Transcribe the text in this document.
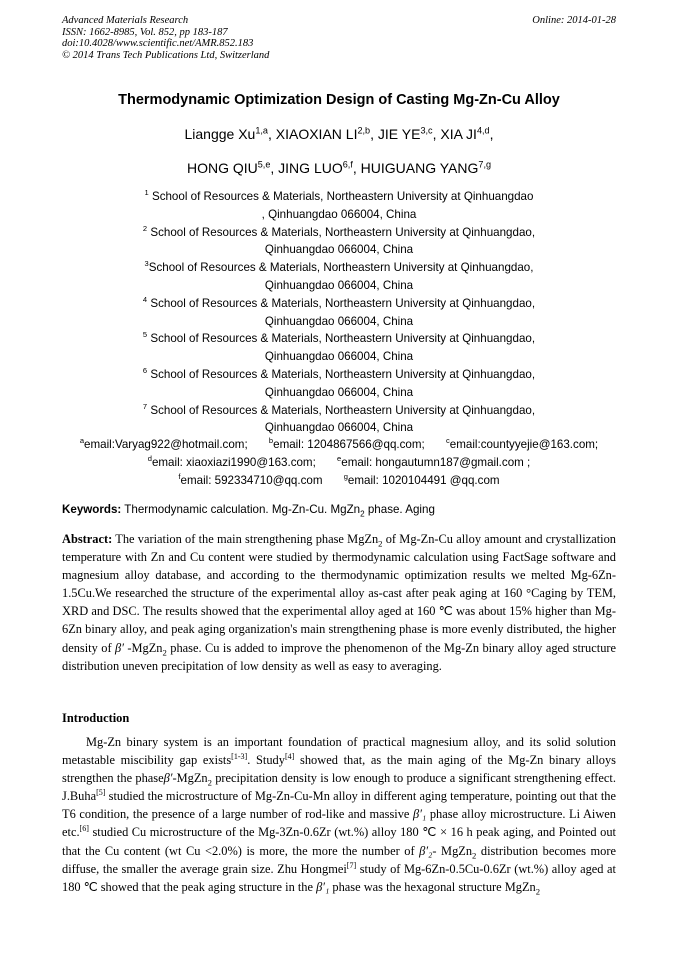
Advanced Materials Research
ISSN: 1662-8985, Vol. 852, pp 183-187
doi:10.4028/www.scientific.net/AMR.852.183
© 2014 Trans Tech Publications Ltd, Switzerland
Online: 2014-01-28
Thermodynamic Optimization Design of Casting Mg-Zn-Cu Alloy
Liangge Xu$^{1,a}$, XIAOXIAN LI$^{2,b}$, JIE YE$^{3,c}$, XIA JI$^{4,d}$,
HONG QIU$^{5,e}$, JING LUO$^{6,f}$, HUIGUANG YANG$^{7,g}$
$^1$ School of Resources & Materials, Northeastern University at Qinhuangdao
, Qinhuangdao 066004, China
$^2$ School of Resources & Materials, Northeastern University at Qinhuangdao,
Qinhuangdao 066004, China
$^3$School of Resources & Materials, Northeastern University at Qinhuangdao,
Qinhuangdao 066004, China
$^4$ School of Resources & Materials, Northeastern University at Qinhuangdao,
Qinhuangdao 066004, China
$^5$ School of Resources & Materials, Northeastern University at Qinhuangdao,
Qinhuangdao 066004, China
$^6$ School of Resources & Materials, Northeastern University at Qinhuangdao,
Qinhuangdao 066004, China
$^7$ School of Resources & Materials, Northeastern University at Qinhuangdao,
Qinhuangdao 066004, China
$^a$email:Varyag922@hotmail.com;	$^b$email: 1204867566@qq.com;	$^c$email:countyyejie@163.com;
$^d$email: xiaoxiazi1990@163.com;	$^e$email: hongautumn187@gmail.com ;
$^f$email: 592334710@qq.com	$^g$email: 1020104491 @qq.com
Keywords: Thermodynamic calculation. Mg-Zn-Cu. MgZn$_2$ phase. Aging
Abstract: The variation of the main strengthening phase MgZn$_2$ of Mg-Zn-Cu alloy amount and crystallization temperature with Zn and Cu content were studied by thermodynamic calculation using FactSage software and magnesium alloy database, and according to the thermodynamic optimization results we melted Mg-6Zn-1.5Cu.We researched the structure of the experimental alloy as-cast after peak aging at 160 °Caging by TEM, XRD and DSC. The results showed that the experimental alloy aged at 160 ℃ was about 15% higher than Mg-6Zn binary alloy, and peak aging organization's main strengthening phase is more evenly distributed, the higher density of β′ -MgZn$_2$ phase. Cu is added to improve the phenomenon of the Mg-Zn binary alloy aged structure distribution uneven precipitation of low density as well as easy to averaging.
Introduction
Mg-Zn binary system is an important foundation of practical magnesium alloy, and its solid solution metastable miscibility gap exists[1-3]. Study[4] showed that, as the main aging of the Mg-Zn binary alloys strengthen the phaseβ′-MgZn$_2$ precipitation density is low enough to produce a significant strengthening effect. J.Buha[5] studied the microstructure of Mg-Zn-Cu-Mn alloy in different aging temperature, pointing out that the T6 condition, the presence of a large number of rod-like and massive β′₁ phase alloy microstructure. Li Aiwen etc.[6] studied Cu microstructure of the Mg-3Zn-0.6Zr (wt.%) alloy 180 ℃ × 16 h peak aging, and Pointed out that the Cu content (wt Cu <2.0%) is more, the more the number of β′₂- MgZn$_2$ distribution becomes more diffuse, the smaller the average grain size. Zhu Hongmei[7] study of Mg-6Zn-0.5Cu-0.6Zr (wt.%) alloy aged at 180 ℃ showed that the peak aging structure in the β′₁ phase was the hexagonal structure MgZn$_2$
